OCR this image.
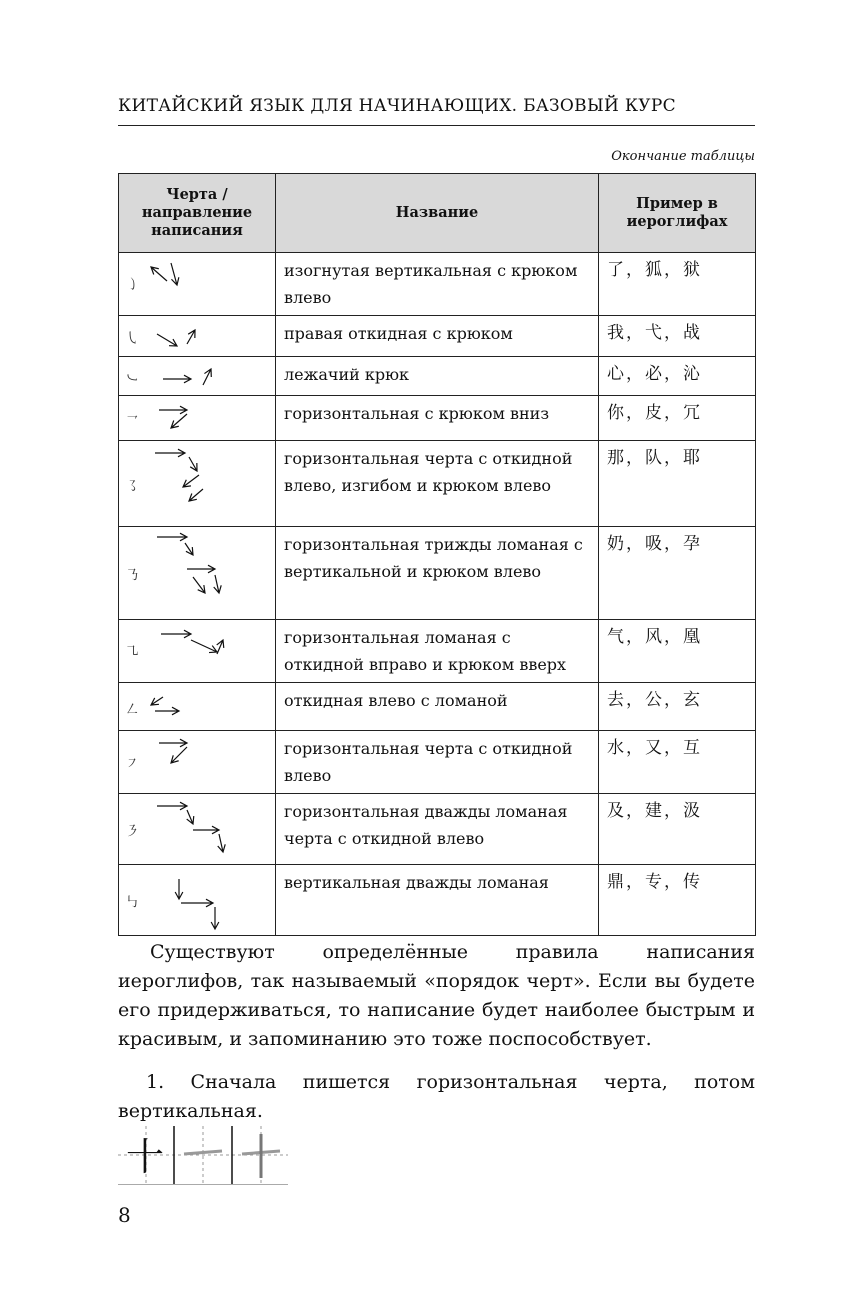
КИТАЙСКИЙ ЯЗЫК ДЛЯ НАЧИНАЮЩИХ. БАЗОВЫЙ КУРС
Окончание таблицы
Черта / направление написания	Название	Пример в иероглифах

㇁	изогнутая вертикальная с крюком влево	了，狐，狱

㇂	правая откидная с крюком	我，弋，战

㇃	лежачий крюк	心，必，沁

㇖	горизонтальная с крюком вниз	你，皮，冗

㇌	горизонтальная черта с откидной влево, изгибом и крюком влево	那，队，耶

㇡	горизонтальная трижды ломаная с вертикальной и крюком влево	奶，吸，孕

㇈	горизонтальная ломаная с откидной вправо и крюком вверх	气，风，凰

㇜	откидная влево с ломаной	去，公，玄

㇇	горизонтальная черта с откидной влево	水，又，互

㇋	горизонтальная дважды ломаная черта с откидной влево	及，建，汲

㇉	вертикальная дважды ломаная	鼎，专，传
Существуют определённые правила написания иероглифов, так называемый «порядок черт». Если вы будете его придерживаться, то написание будет наиболее быстрым и красивым, и запоминанию это тоже поспособствует.
1. Сначала пишется горизонтальная черта, потом вертикальная.
十
8
